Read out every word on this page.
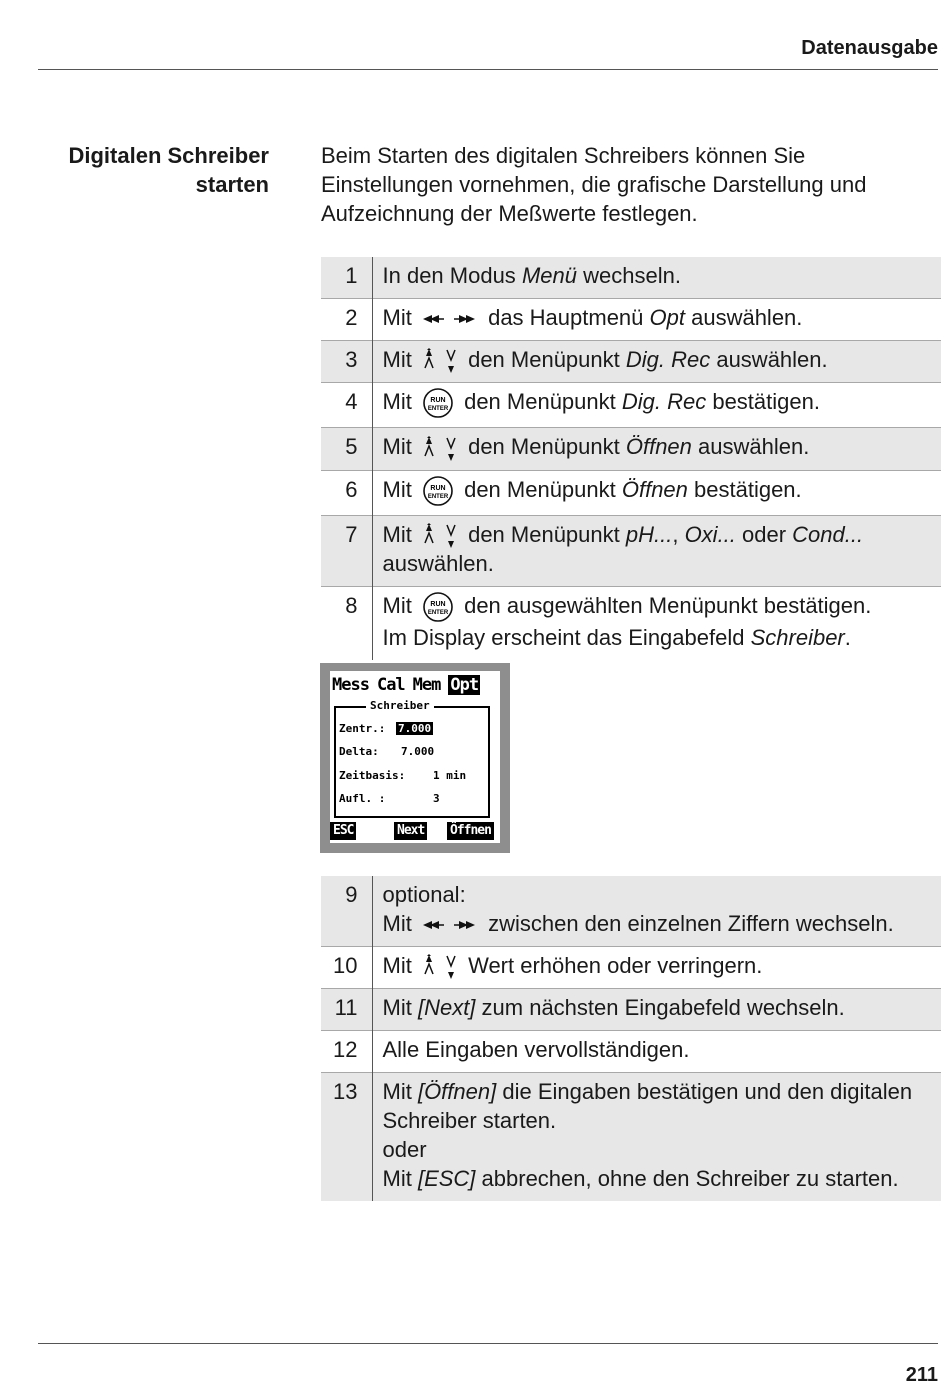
Datenausgabe
Digitalen Schreiber
starten
Beim Starten des digitalen Schreibers können Sie Einstellungen vornehmen, die grafische Darstellung und Aufzeichnung der Meßwerte festlegen.
1	In den Modus Menü wechseln.
2	Mit das Hauptmenü Opt auswählen.
3	Mit den Menüpunkt Dig. Rec auswählen.
4	Mit RUN
ENTER den Menüpunkt Dig. Rec bestätigen.
5	Mit den Menüpunkt Öffnen auswählen.
6	Mit RUN
ENTER den Menüpunkt Öffnen bestätigen.
7	Mit den Menüpunkt pH..., Oxi... oder Cond...
auswählen.
8	Mit RUN
ENTER den ausgewählten Menüpunkt bestätigen.
Im Display erscheint das Eingabefeld Schreiber.
Mess Cal Mem Opt
Schreiber
Zentr.: 7.000
Delta: 7.000
Zeitbasis:	1 min
Aufl. :	3
ESC	Next Öffnen
9	optional:
Mit zwischen den einzelnen Ziffern wechseln.
10	Mit Wert erhöhen oder verringern.
11	Mit [Next] zum nächsten Eingabefeld wechseln.
12	Alle Eingaben vervollständigen.
13	Mit [Öffnen] die Eingaben bestätigen und den digitalen Schreiber starten.
oder
Mit [ESC] abbrechen, ohne den Schreiber zu starten.
211
